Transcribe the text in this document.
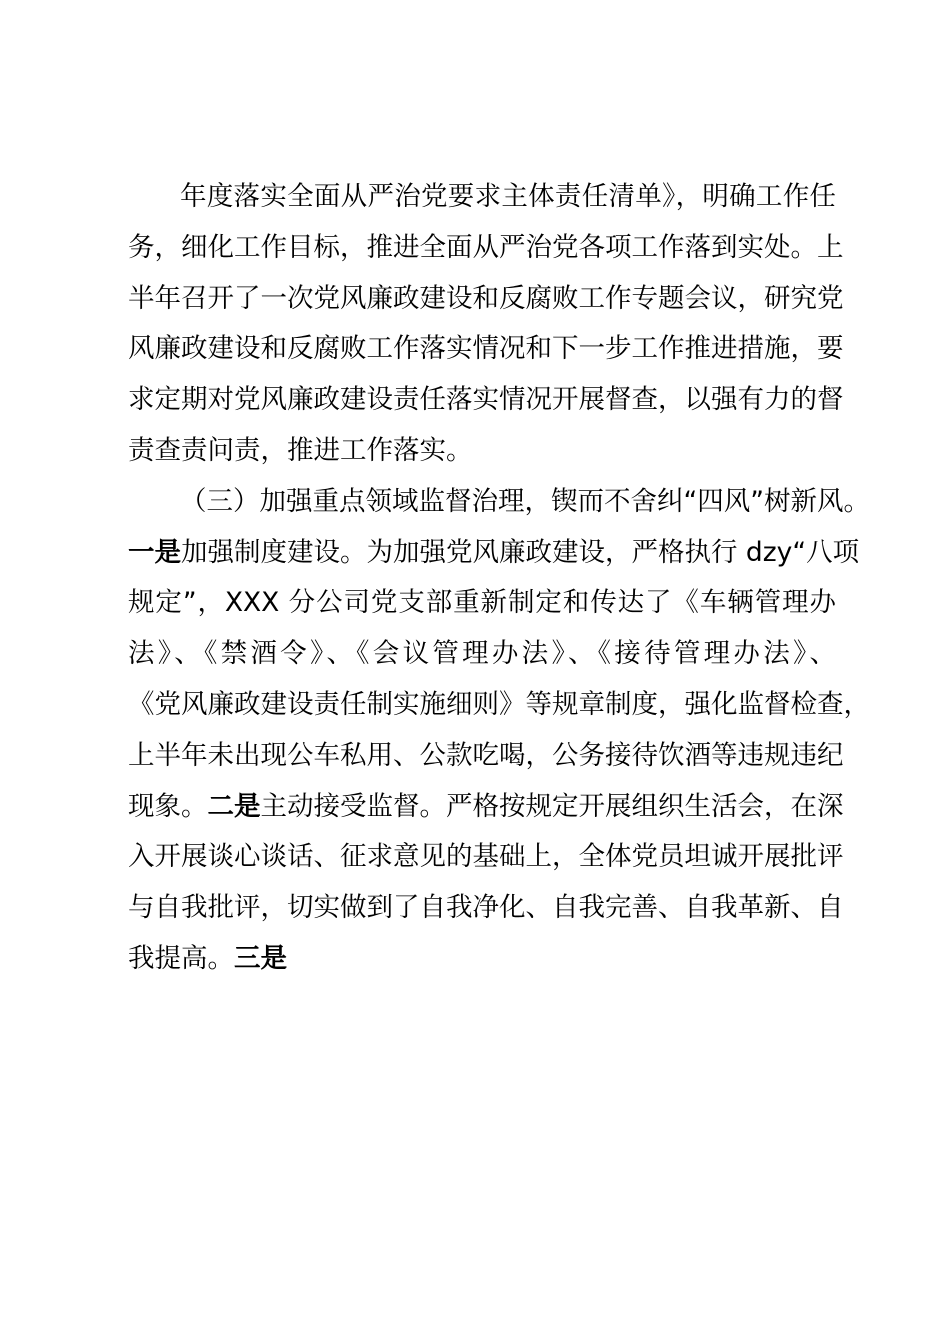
年度落实全面从严治党要求主体责任清单》，明确工作任
务，细化工作目标，推进全面从严治党各项工作落到实处。上
半年召开了一次党风廉政建设和反腐败工作专题会议，研究党
风廉政建设和反腐败工作落实情况和下一步工作推进措施，要
求定期对党风廉政建设责任落实情况开展督查，以强有力的督
责查责问责，推进工作落实。
（三）加强重点领域监督治理，锲而不舍纠“四风”树新风。
一是加强制度建设。为加强党风廉政建设，严格执行 dzy“八项
规定”，XXX 分公司党支部重新制定和传达了《车辆管理办
法》、《禁酒令》、《会议管理办法》、《接待管理办法》、
《党风廉政建设责任制实施细则》等规章制度，强化监督检查，
上半年未出现公车私用、公款吃喝，公务接待饮酒等违规违纪
现象。二是主动接受监督。严格按规定开展组织生活会，在深
入开展谈心谈话、征求意见的基础上，全体党员坦诚开展批评
与自我批评，切实做到了自我净化、自我完善、自我革新、自
我提高。三是
